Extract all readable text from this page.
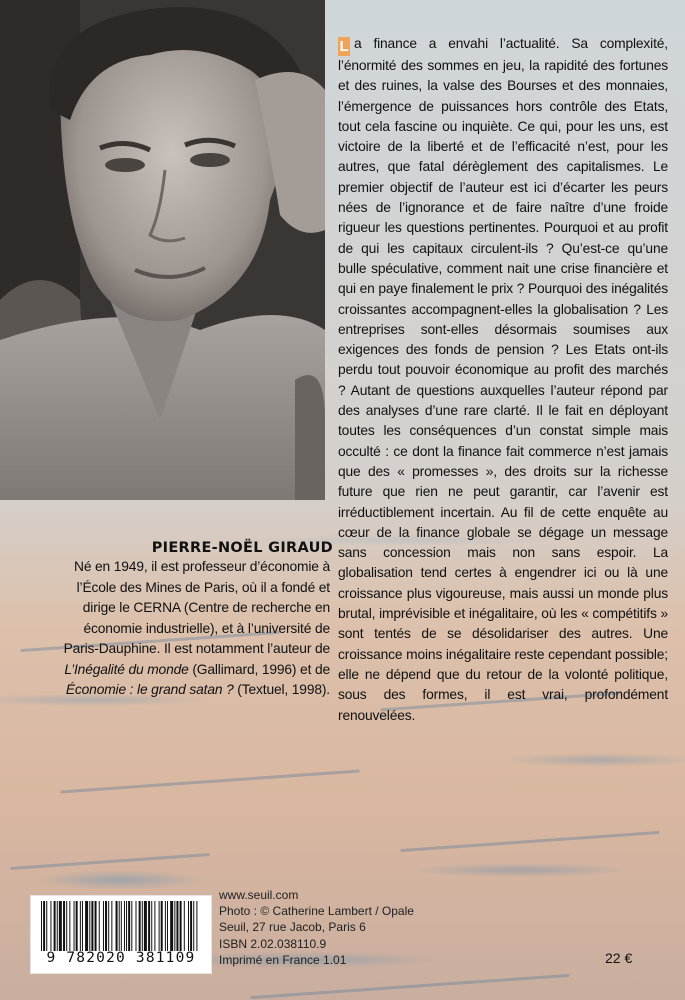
L a finance a envahi l’actualité. Sa complexité, l’énormité des sommes en jeu, la rapidité des fortunes et des ruines, la valse des Bourses et des monnaies, l’émergence de puissances hors contrôle des Etats, tout cela fascine ou inquiète. Ce qui, pour les uns, est victoire de la liberté et de l’efficacité n’est, pour les autres, que fatal dérèglement des capitalismes. Le premier objectif de l’auteur est ici d’écarter les peurs nées de l’ignorance et de faire naître d’une froide rigueur les questions pertinentes. Pourquoi et au profit de qui les capitaux circulent-ils ? Qu’est-ce qu’une bulle spéculative, comment nait une crise financière et qui en paye finalement le prix ? Pourquoi des inégalités croissantes accompagnent-elles la globalisation ? Les entreprises sont-elles désormais soumises aux exigences des fonds de pension ? Les Etats ont-ils perdu tout pouvoir économique au profit des marchés ? Autant de questions auxquelles l’auteur répond par des analyses d’une rare clarté. Il le fait en déployant toutes les conséquences d’un constat simple mais occulté : ce dont la finance fait commerce n’est jamais que des « promesses », des droits sur la richesse future que rien ne peut garantir, car l’avenir est irréductiblement incertain. Au fil de cette enquête au cœur de la finance globale se dégage un message sans concession mais non sans espoir. La globalisation tend certes à engendrer ici ou là une croissance plus vigoureuse, mais aussi un monde plus brutal, imprévisible et inégalitaire, où les « compétitifs » sont tentés de se désolidariser des autres. Une croissance moins inégalitaire reste cependant possible; elle ne dépend que du retour de la volonté politique, sous des formes, il est vrai, profondément renouvelées.
PIERRE-NOËL GIRAUD
Né en 1949, il est professeur d’économie à l’École des Mines de Paris, où il a fondé et dirige le CERNA (Centre de recherche en économie industrielle), et à l’université de Paris-Dauphine. Il est notamment l’auteur de L’Inégalité du monde (Gallimard, 1996) et de Économie : le grand satan ? (Textuel, 1998).
9 782020 381109
www.seuil.com
Photo : © Catherine Lambert / Opale
Seuil, 27 rue Jacob, Paris 6
ISBN 2.02.038110.9
Imprimé en France 1.01	22 €
